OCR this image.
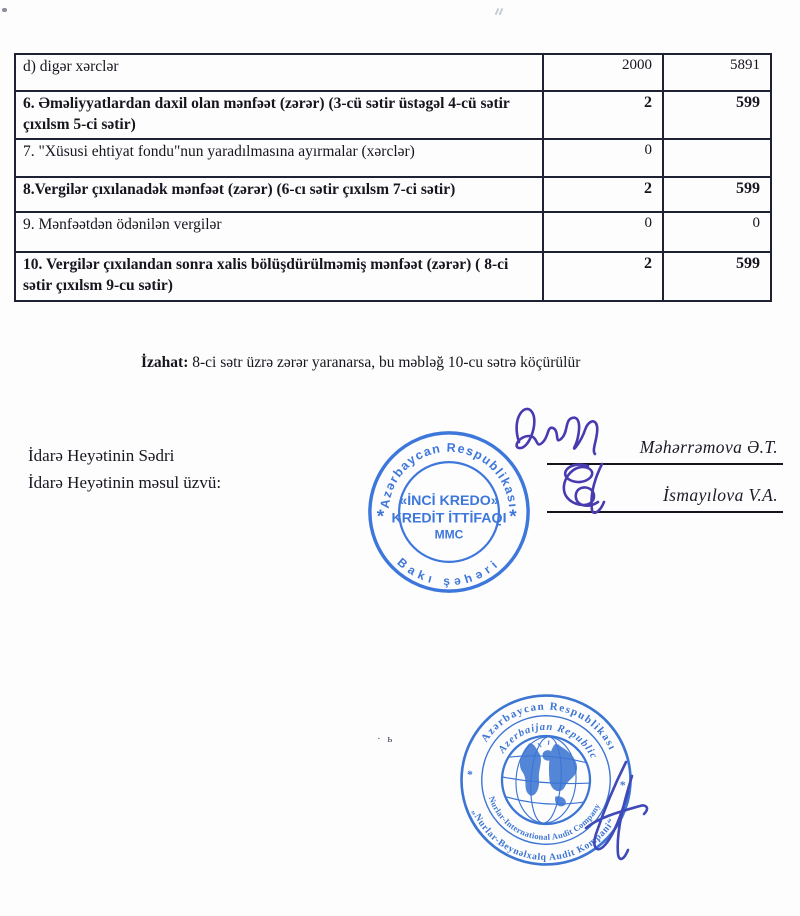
d) digər xərclər	2000	5891
6. Əməliyyatlardan daxil olan mənfəət (zərər) (3-cü sətir üstəgəl 4-cü sətir çıxılsm 5-ci sətir)	2	599
7. "Xüsusi ehtiyat fondu"nun yaradılmasına ayırmalar (xərclər)	0	
8.Vergilər çıxılanadək mənfəət (zərər) (6-cı sətir çıxılsm 7-ci sətir)	2	599
9. Mənfəətdən ödənilən vergilər	0	0
10. Vergilər çıxılandan sonra xalis bölüşdürülməmiş mənfəət (zərər) ( 8-ci sətir çıxılsm 9-cu sətir)	2	599
İzahat: 8-ci sətr üzrə zərər yaranarsa, bu məbləğ 10-cu sətrə köçürülür
İdarə Heyətinin Sədri
İdarə Heyətinin məsul üzvü:
Məhərrəmova Ə.T.
İsmayılova V.A.
Azərbaycan Respublikası
Bakı şəhəri
«İNCİ KREDO»
KREDİT İTTİFAQI
MMC
*	*
Azərbaycan Respublikası
Azerbaijan Republic
Nurlar-International Audit Company
„Nurlar-Beynəlxalq Audit Kompani“
*
*
· ь
